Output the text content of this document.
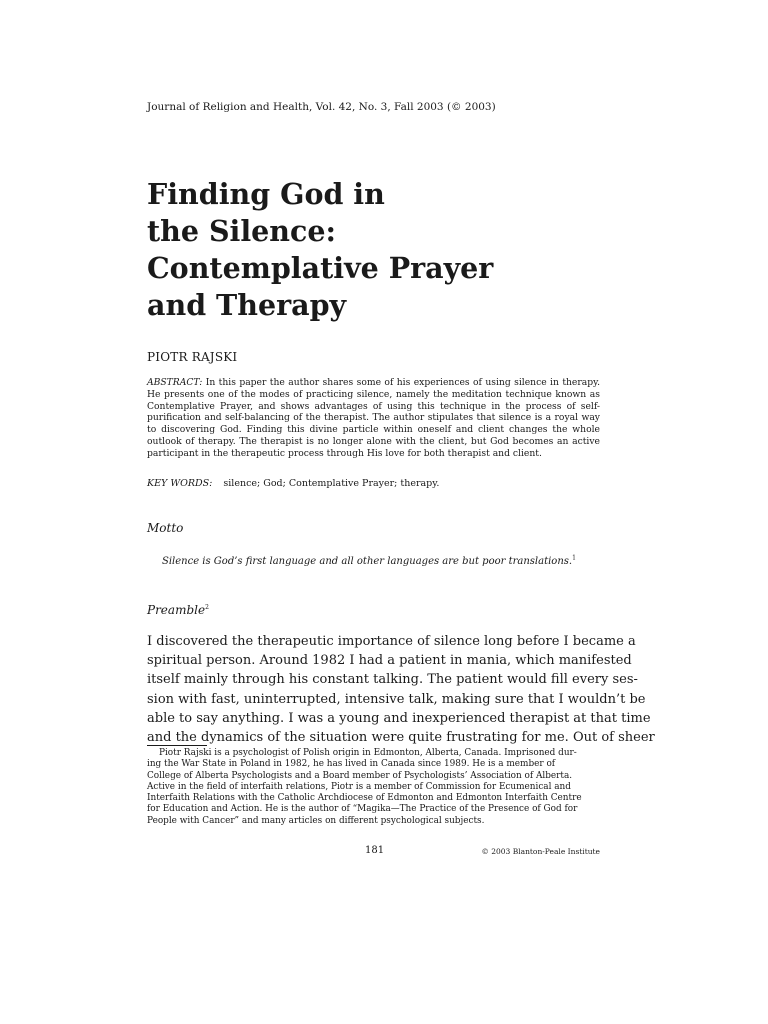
Journal of Religion and Health, Vol. 42, No. 3, Fall 2003 (© 2003)
Finding God in
the Silence:
Contemplative Prayer
and Therapy
PIOTR RAJSKI

ABSTRACT: In this paper the author shares some of his experiences of using silence in therapy. He presents one of the modes of practicing silence, namely the meditation technique known as Contemplative Prayer, and shows advantages of using this technique in the process of self-purification and self-balancing of the therapist. The author stipulates that silence is a royal way to discovering God. Finding this divine particle within oneself and client changes the whole outlook of therapy. The therapist is no longer alone with the client, but God becomes an active participant in the therapeutic process through His love for both therapist and client.

KEY WORDS: silence; God; Contemplative Prayer; therapy.
Motto
Silence is God’s first language and all other languages are but poor translations.$^1$
Preamble$^2$
I discovered the therapeutic importance of silence long before I became a
spiritual person. Around 1982 I had a patient in mania, which manifested
itself mainly through his constant talking. The patient would fill every ses-
sion with fast, uninterrupted, intensive talk, making sure that I wouldn’t be
able to say anything. I was a young and inexperienced therapist at that time
and the dynamics of the situation were quite frustrating for me. Out of sheer
Piotr Rajski is a psychologist of Polish origin in Edmonton, Alberta, Canada. Imprisoned dur-
ing the War State in Poland in 1982, he has lived in Canada since 1989. He is a member of
College of Alberta Psychologists and a Board member of Psychologists’ Association of Alberta.
Active in the field of interfaith relations, Piotr is a member of Commission for Ecumenical and
Interfaith Relations with the Catholic Archdiocese of Edmonton and Edmonton Interfaith Centre
for Education and Action. He is the author of “Magika—The Practice of the Presence of God for
People with Cancer” and many articles on different psychological subjects.
181	© 2003 Blanton-Peale Institute
